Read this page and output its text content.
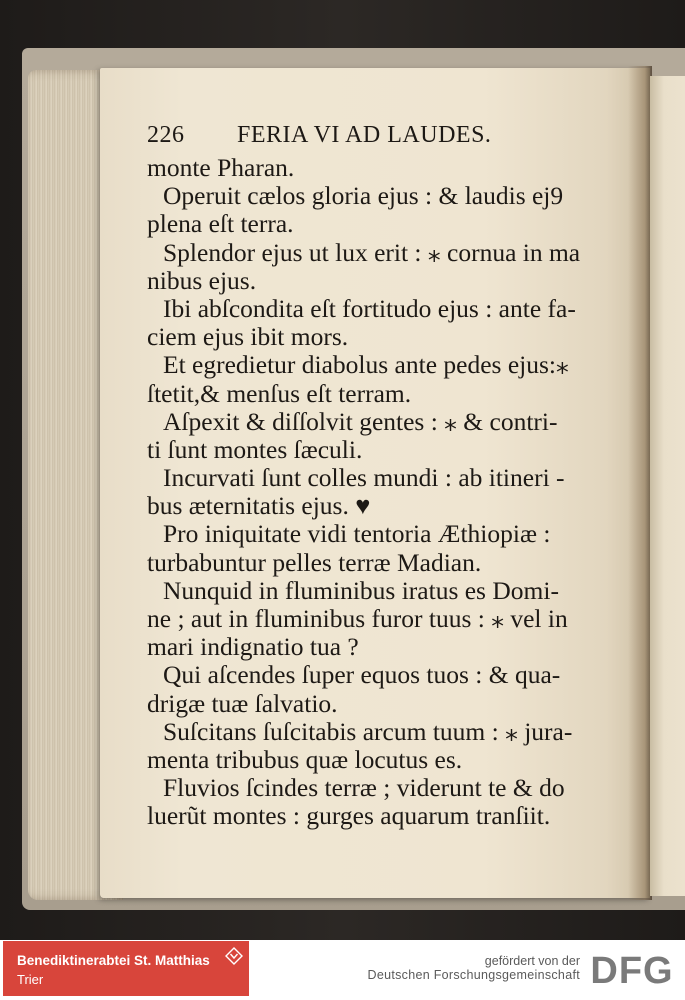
226 FERIA VI AD LAUDES.
monte Pharan.
Operuit cælos gloria ejus : & laudis ej9
plena eſt terra.
Splendor ejus ut lux erit : ⁎ cornua in ma
nibus ejus.
Ibi abſcondita eſt fortitudo ejus : ante fa-
ciem ejus ibit mors.
Et egredietur diabolus ante pedes ejus:⁎
ſtetit,& menſus eſt terram.
Aſpexit & diſſolvit gentes : ⁎ & contri-
ti ſunt montes ſæculi.
Incurvati ſunt colles mundi : ab itineri -
bus æternitatis ejus. ♥
Pro iniquitate vidi tentoria Æthiopiæ :
turbabuntur pelles terræ Madian.
Nunquid in fluminibus iratus es Domi-
ne ; aut in fluminibus furor tuus : ⁎ vel in
mari indignatio tua ?
Qui aſcendes ſuper equos tuos : & qua-
drigæ tuæ ſalvatio.
Suſcitans ſuſcitabis arcum tuum : ⁎ jura-
menta tribubus quæ locutus es.
Fluvios ſcindes terræ ; viderunt te & do
luerũt montes : gurges aquarum tranſiit.
Benediktinerabtei St. Matthias
Trier
gefördert von der
Deutschen Forschungsgemeinschaft DFG
